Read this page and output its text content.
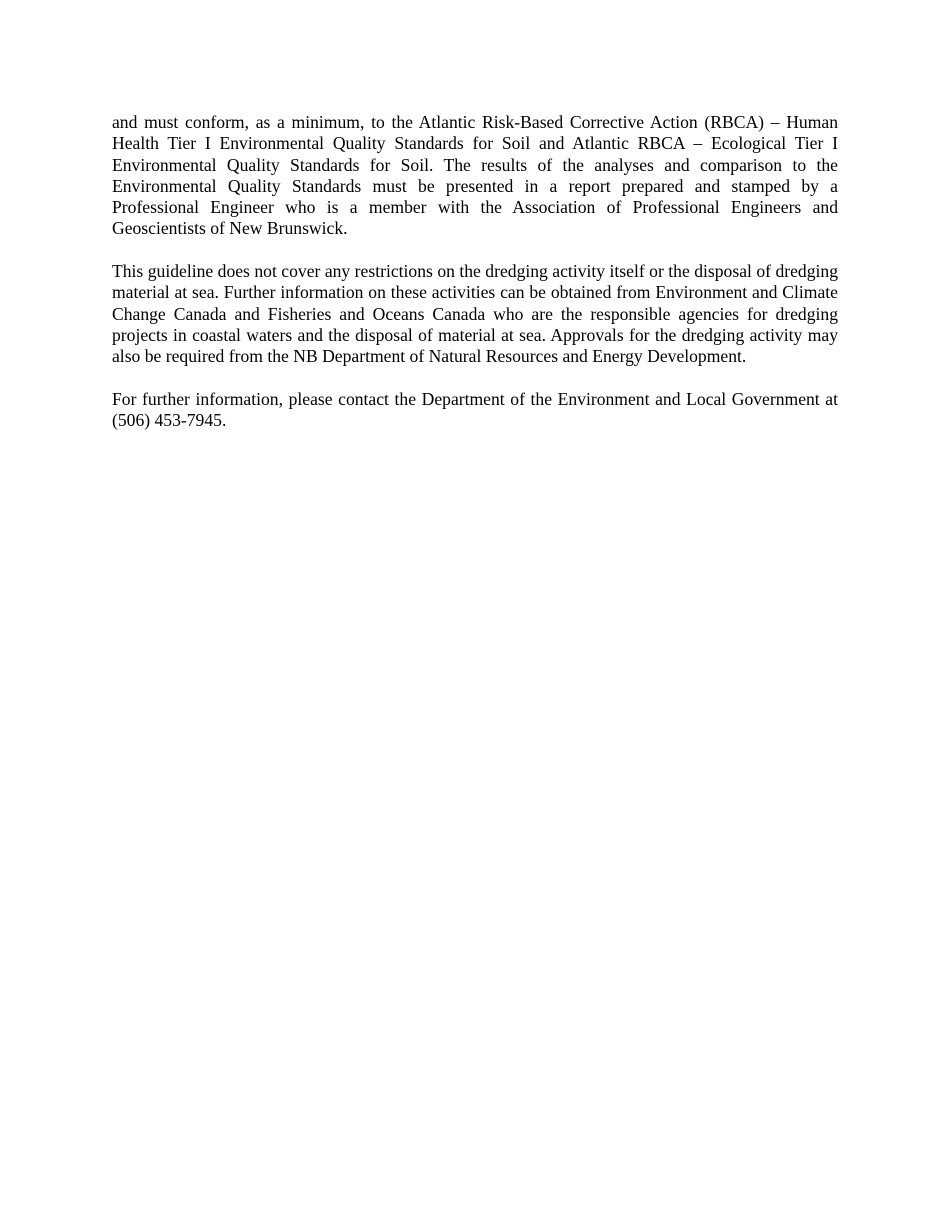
and must conform, as a minimum, to the Atlantic Risk-Based Corrective Action (RBCA) – Human Health Tier I Environmental Quality Standards for Soil and Atlantic RBCA – Ecological Tier I Environmental Quality Standards for Soil. The results of the analyses and comparison to the Environmental Quality Standards must be presented in a report prepared and stamped by a Professional Engineer who is a member with the Association of Professional Engineers and Geoscientists of New Brunswick.

This guideline does not cover any restrictions on the dredging activity itself or the disposal of dredging material at sea. Further information on these activities can be obtained from Environment and Climate Change Canada and Fisheries and Oceans Canada who are the responsible agencies for dredging projects in coastal waters and the disposal of material at sea. Approvals for the dredging activity may also be required from the NB Department of Natural Resources and Energy Development.

For further information, please contact the Department of the Environment and Local Government at (506) 453-7945.
